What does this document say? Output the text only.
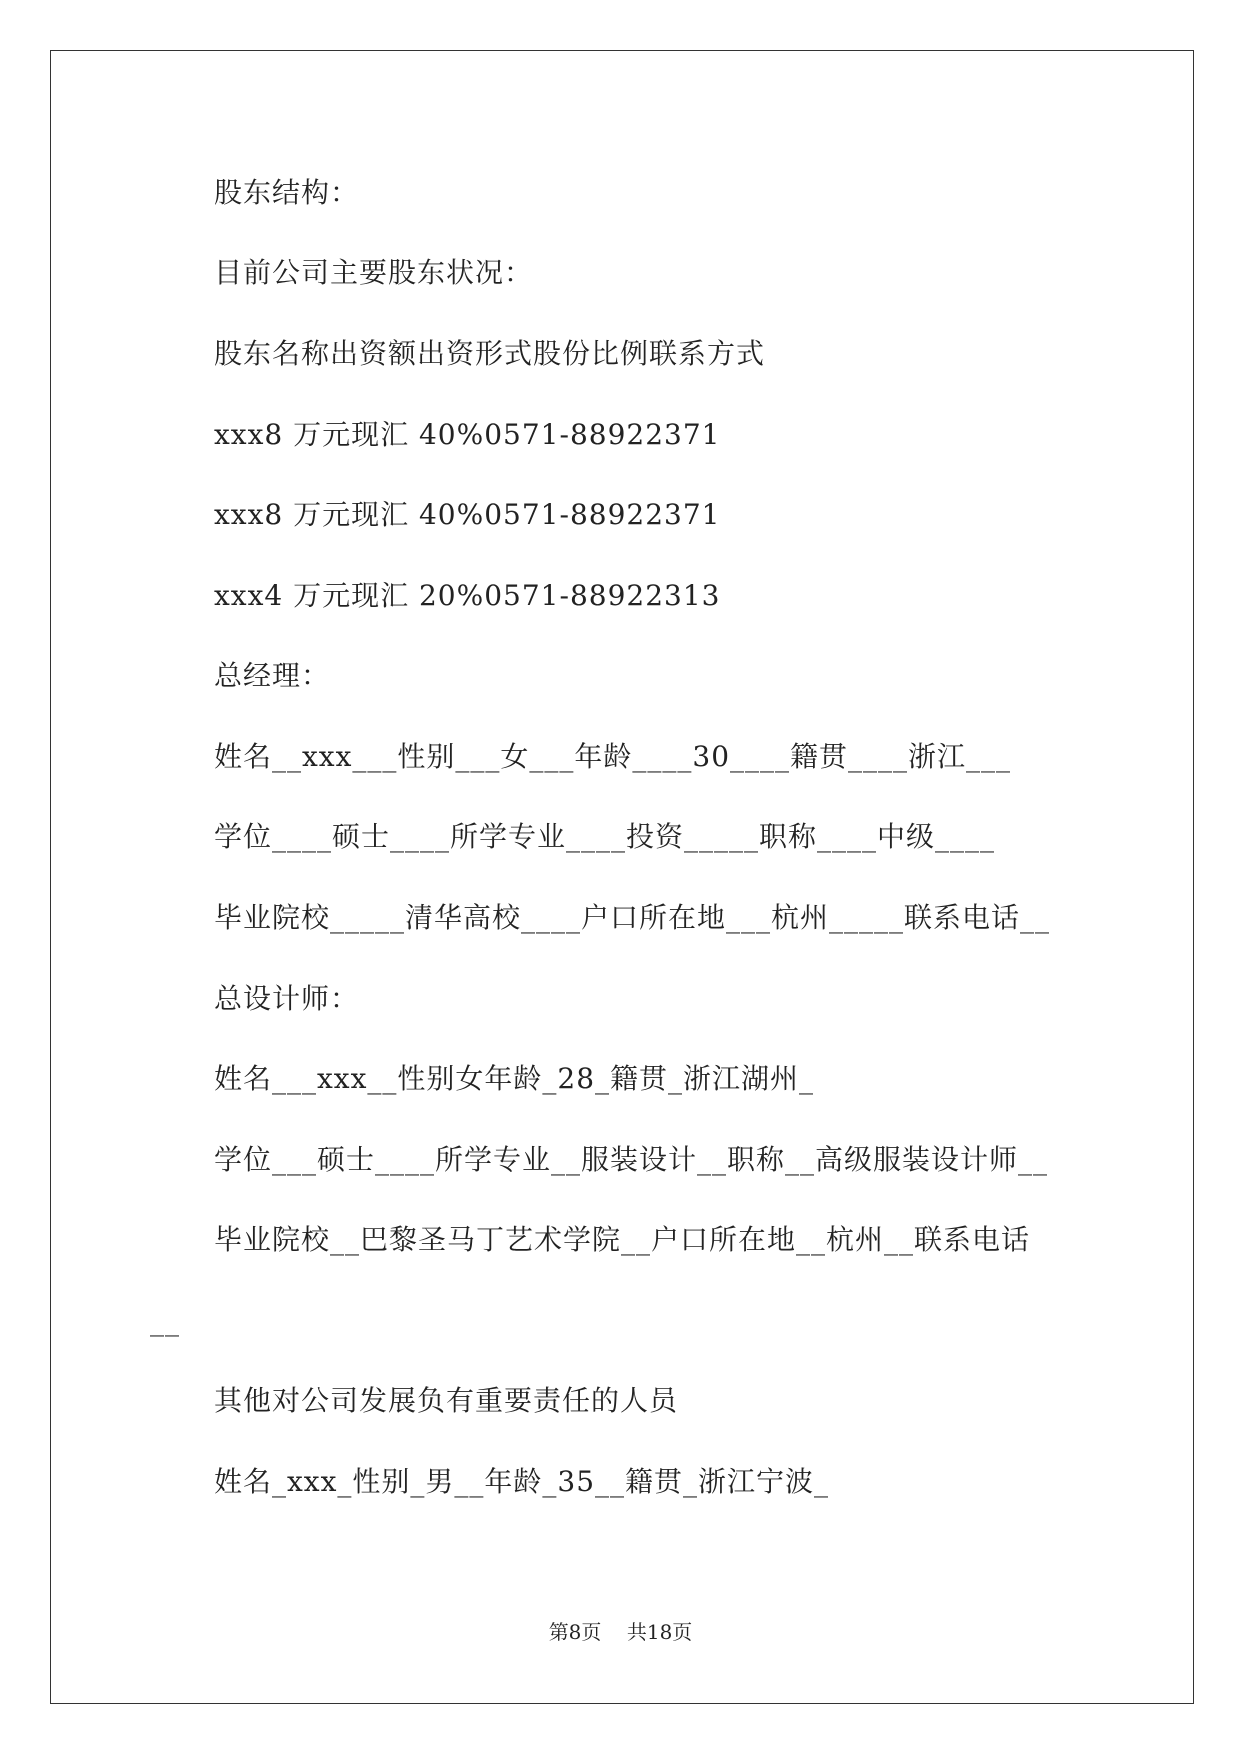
股东结构：
目前公司主要股东状况：
股东名称出资额出资形式股份比例联系方式
xxx8 万元现汇 40%0571-88922371
xxx8 万元现汇 40%0571-88922371
xxx4 万元现汇 20%0571-88922313
总经理：
姓名__xxx___性别___女___年龄____30____籍贯____浙江___
学位____硕士____所学专业____投资_____职称____中级____
毕业院校_____清华高校____户口所在地___杭州_____联系电话__
总设计师：
姓名___xxx__性别女年龄_28_籍贯_浙江湖州_
学位___硕士____所学专业__服装设计__职称__高级服装设计师__
毕业院校__巴黎圣马丁艺术学院__户口所在地__杭州__联系电话
__
其他对公司发展负有重要责任的人员
姓名_xxx_性别_男__年龄_35__籍贯_浙江宁波_
第8页    共18页
